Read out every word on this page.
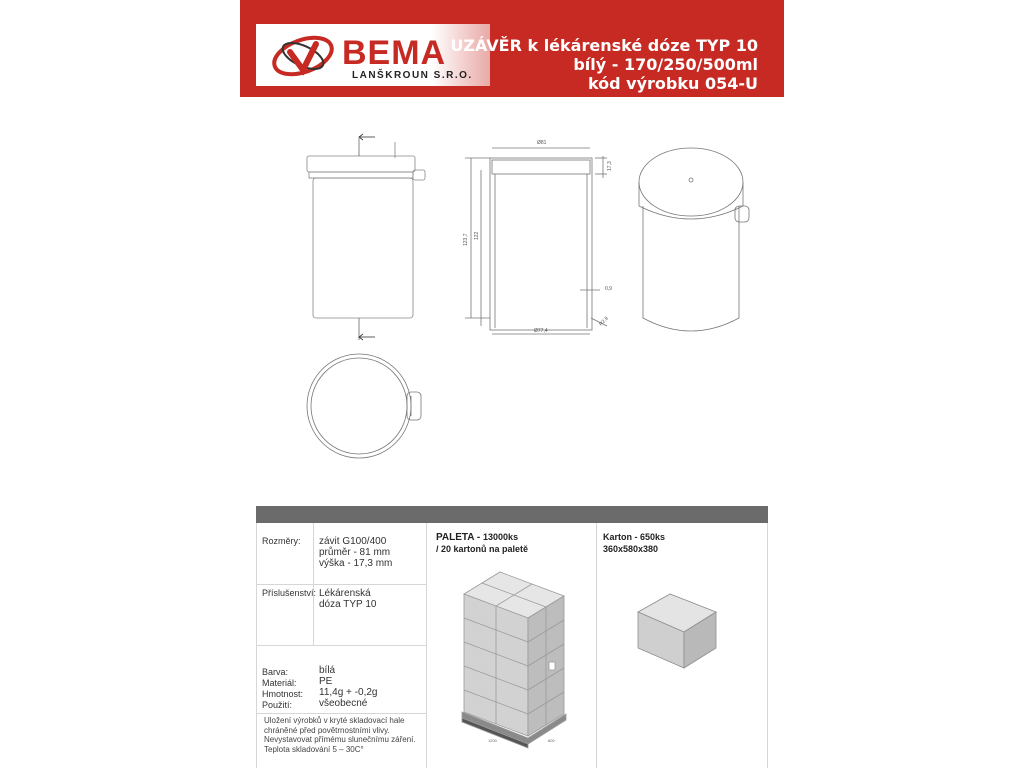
BEMA
LANŠKROUN S.R.O.
UZÁVĚR k lékárenské dóze TYP 10
bílý - 170/250/500ml
kód výrobku 054-U
Ø81
Ø77,4
123,7 122
17,3
0,9
R2,8
Rozměry: závit G100/400
průměr - 81 mm
výška - 17,3 mm
Příslušenství: Lékárenská
dóza TYP 10
Barva:	bílá
Materiál: PE
Hmotnost: 11,4g + -0,2g
Použití:	všeobecné
Uložení výrobků v kryté skladovací hale
chráněné před povětrnostními vlivy.
Nevystavovat přímému slunečnímu záření.
Teplota skladování 5 – 30C°
PALETA - 13000ks
/ 20 kartonů na paletě
1200	800
Karton - 650ks
360x580x380
